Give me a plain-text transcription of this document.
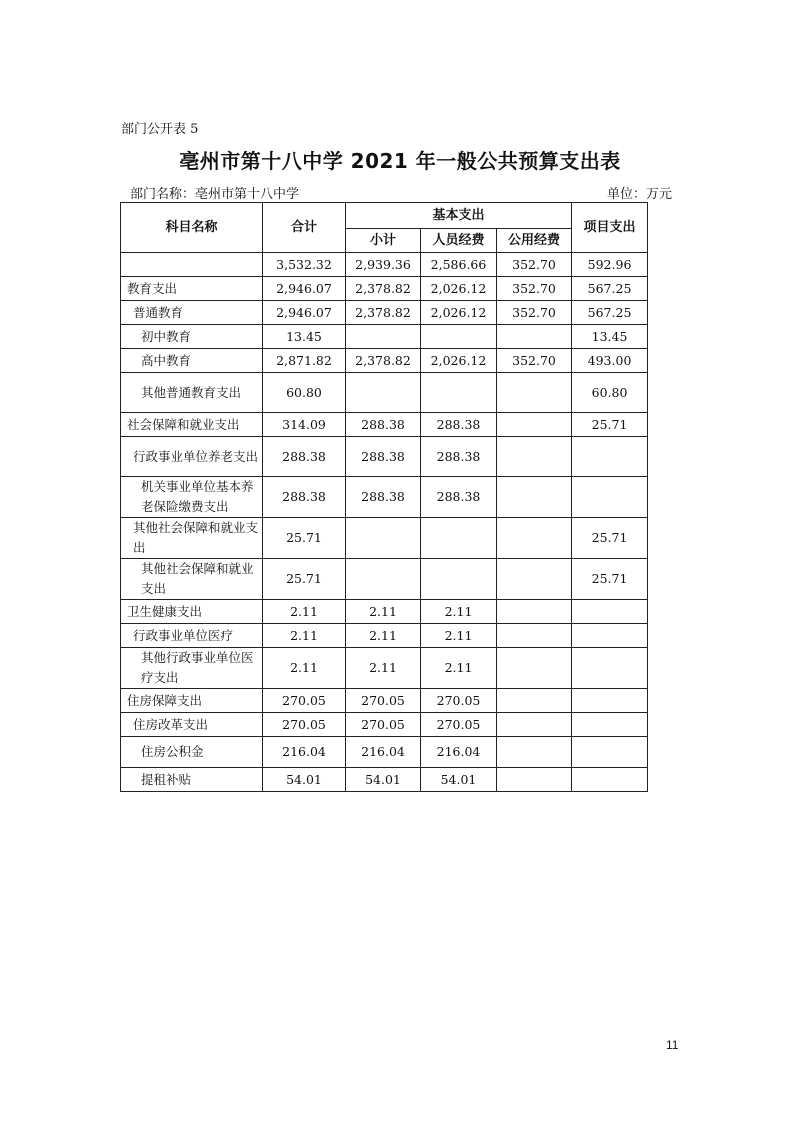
部门公开表 5
亳州市第十八中学 2021 年一般公共预算支出表
部门名称：亳州市第十八中学	单位：万元
科目名称	合计	基本支出			项目支出
		小计	人员经费	公用经费	
	3,532.32	2,939.36	2,586.66	352.70	592.96
教育支出	2,946.07	2,378.82	2,026.12	352.70	567.25
普通教育	2,946.07	2,378.82	2,026.12	352.70	567.25
初中教育	13.45				13.45
高中教育	2,871.82	2,378.82	2,026.12	352.70	493.00
其他普通教育支出	60.80				60.80
社会保障和就业支出	314.09	288.38	288.38		25.71
行政事业单位养老支出	288.38	288.38	288.38		
机关事业单位基本养老保险缴费支出	288.38	288.38	288.38		
其他社会保障和就业支出	25.71				25.71
其他社会保障和就业支出	25.71				25.71
卫生健康支出	2.11	2.11	2.11		
行政事业单位医疗	2.11	2.11	2.11		
其他行政事业单位医疗支出	2.11	2.11	2.11		
住房保障支出	270.05	270.05	270.05		
住房改革支出	270.05	270.05	270.05		
住房公积金	216.04	216.04	216.04		
提租补贴	54.01	54.01	54.01		
11
